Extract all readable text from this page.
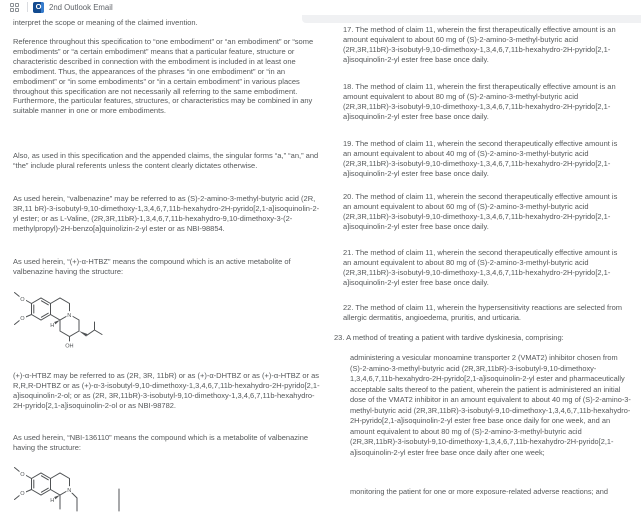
O 2nd Outlook Email
interpret the scope or meaning of the claimed invention.
Reference throughout this specification to “one embodiment” or “an embodiment” or “some embodiments” or “a certain embodiment” means that a particular feature, structure or characteristic described in connection with the embodiment is included in at least one embodiment. Thus, the appearances of the phrases “in one embodiment” or “in an embodiment” or “in some embodiments” or “in a certain embodiment” in various places throughout this specification are not necessarily all referring to the same embodiment. Furthermore, the particular features, structures, or characteristics may be combined in any suitable manner in one or more embodiments.
Also, as used in this specification and the appended claims, the singular forms “a,” “an,” and “the” include plural referents unless the content clearly dictates otherwise.
As used herein, “valbenazine” may be referred to as (S)-2-amino-3-methyl-butyric acid (2R, 3R,11 bR)-3-isobutyl-9,10-dimethoxy-1,3,4,6,7,11b-hexahydro-2H-pyrido[2,1-a]isoquinolin-2-yl ester; or as L-Valine, (2R,3R,11bR)-1,3,4,6,7,11b-hexahydro-9,10-dimethoxy-3-(2-methylpropyl)-2H-benzo[a]quinolizin-2-yl ester or as NBI-98854.
As used herein, “(+)-α-HTBZ” means the compound which is an active metabolite of valbenazine having the structure:
O
O
N
H
OH
(+)-α-HTBZ may be referred to as (2R, 3R, 11bR) or as (+)-α-DHTBZ or as (+)-α-HTBZ or as R,R,R-DHTBZ or as (+)-α-3-isobutyl-9,10-dimethoxy-1,3,4,6,7,11b-hexahydro-2H-pyrido[2,1-a]isoquinolin-2-ol; or as (2R, 3R,11bR)-3-isobutyl-9,10-dimethoxy-1,3,4,6,7,11b-hexahydro-2H-pyrido[2,1-a]isoquinolin-2-ol or as NBI-98782.
As used herein, “NBI-136110” means the compound which is a metabolite of valbenazine having the structure:
O
O
N
H
17. The method of claim 11, wherein the first therapeutically effective amount is an amount equivalent to about 60 mg of (S)-2-amino-3-methyl-butyric acid (2R,3R,11bR)-3-isobutyl-9,10-dimethoxy-1,3,4,6,7,11b-hexahydro-2H-pyrido[2,1-a]isoquinolin-2-yl ester free base once daily.
18. The method of claim 11, wherein the first therapeutically effective amount is an amount equivalent to about 80 mg of (S)-2-amino-3-methyl-butyric acid (2R,3R,11bR)-3-isobutyl-9,10-dimethoxy-1,3,4,6,7,11b-hexahydro-2H-pyrido[2,1-a]isoquinolin-2-yl ester free base once daily.
19. The method of claim 11, wherein the second therapeutically effective amount is an amount equivalent to about 40 mg of (S)-2-amino-3-methyl-butyric acid (2R,3R,11bR)-3-isobutyl-9,10-dimethoxy-1,3,4,6,7,11b-hexahydro-2H-pyrido[2,1-a]isoquinolin-2-yl ester free base once daily.
20. The method of claim 11, wherein the second therapeutically effective amount is an amount equivalent to about 60 mg of (S)-2-amino-3-methyl-butyric acid (2R,3R,11bR)-3-isobutyl-9,10-dimethoxy-1,3,4,6,7,11b-hexahydro-2H-pyrido[2,1-a]isoquinolin-2-yl ester free base once daily.
21. The method of claim 11, wherein the second therapeutically effective amount is an amount equivalent to about 80 mg of (S)-2-amino-3-methyl-butyric acid (2R,3R,11bR)-3-isobutyl-9,10-dimethoxy-1,3,4,6,7,11b-hexahydro-2H-pyrido[2,1-a]isoquinolin-2-yl ester free base once daily.
22. The method of claim 11, wherein the hypersensitivity reactions are selected from allergic dermatitis, angioedema, pruritis, and urticaria.
23. A method of treating a patient with tardive dyskinesia, comprising:
administering a vesicular monoamine transporter 2 (VMAT2) inhibitor chosen from (S)-2-amino-3-methyl-butyric acid (2R,3R,11bR)-3-isobutyl-9,10-dimethoxy-1,3,4,6,7,11b-hexahydro-2H-pyrido[2,1-a]isoquinolin-2-yl ester and pharmaceutically acceptable salts thereof to the patient, wherein the patient is administered an initial dose of the VMAT2 inhibitor in an amount equivalent to about 40 mg of (S)-2-amino-3-methyl-butyric acid (2R,3R,11bR)-3-isobutyl-9,10-dimethoxy-1,3,4,6,7,11b-hexahydro-2H-pyrido[2,1-a]isoquinolin-2-yl ester free base once daily for one week, and an amount equivalent to about 80 mg of (S)-2-amino-3-methyl-butyric acid (2R,3R,11bR)-3-isobutyl-9,10-dimethoxy-1,3,4,6,7,11b-hexahydro-2H-pyrido[2,1-a]isoquinolin-2-yl ester free base once daily after one week;
monitoring the patient for one or more exposure-related adverse reactions; and
